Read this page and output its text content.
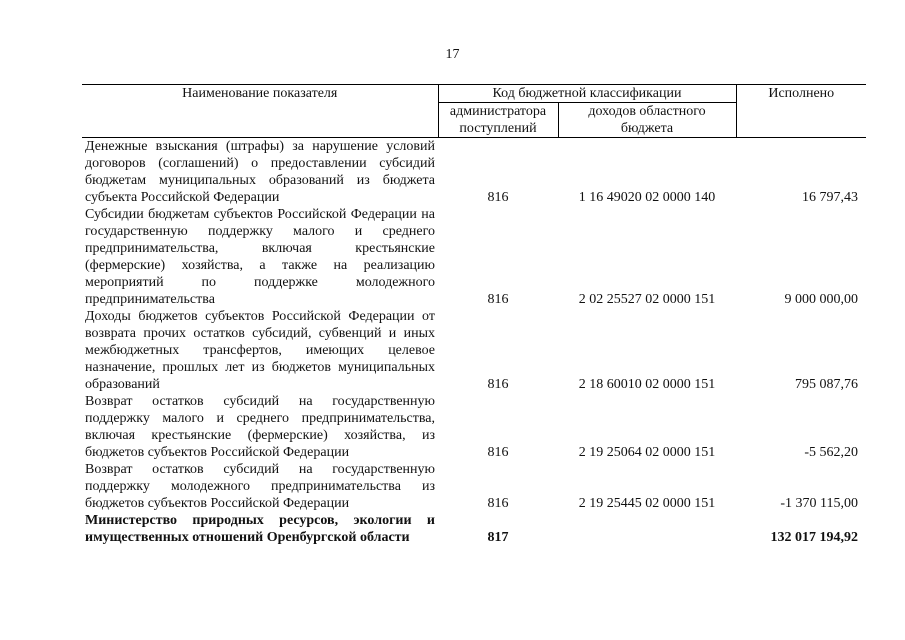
17
Наименование показателя	Код бюджетной классификации		Исполнено
	администратора поступлений	доходов областного бюджета	
Денежные взыскания (штрафы) за нарушение условий договоров (соглашений) о предоставлении субсидий бюджетам муниципальных образований из бюджета субъекта Российской Федерации	816	1 16 49020 02 0000 140	16 797,43
Субсидии бюджетам субъектов Российской Федерации на государственную поддержку малого и среднего предпринимательства, включая крестьянские (фермерские) хозяйства, а также на реализацию мероприятий по поддержке молодежного предпринимательства	816	2 02 25527 02 0000 151	9 000 000,00
Доходы бюджетов субъектов Российской Федерации от возврата прочих остатков субсидий, субвенций и иных межбюджетных трансфертов, имеющих целевое назначение, прошлых лет из бюджетов муниципальных образований	816	2 18 60010 02 0000 151	795 087,76
Возврат остатков субсидий на государственную поддержку малого и среднего предпринимательства, включая крестьянские (фермерские) хозяйства, из бюджетов субъектов Российской Федерации	816	2 19 25064 02 0000 151	-5 562,20
Возврат остатков субсидий на государственную поддержку молодежного предпринимательства из бюджетов субъектов Российской Федерации	816	2 19 25445 02 0000 151	-1 370 115,00
Министерство природных ресурсов, экологии и имущественных отношений Оренбургской области	817		132 017 194,92
